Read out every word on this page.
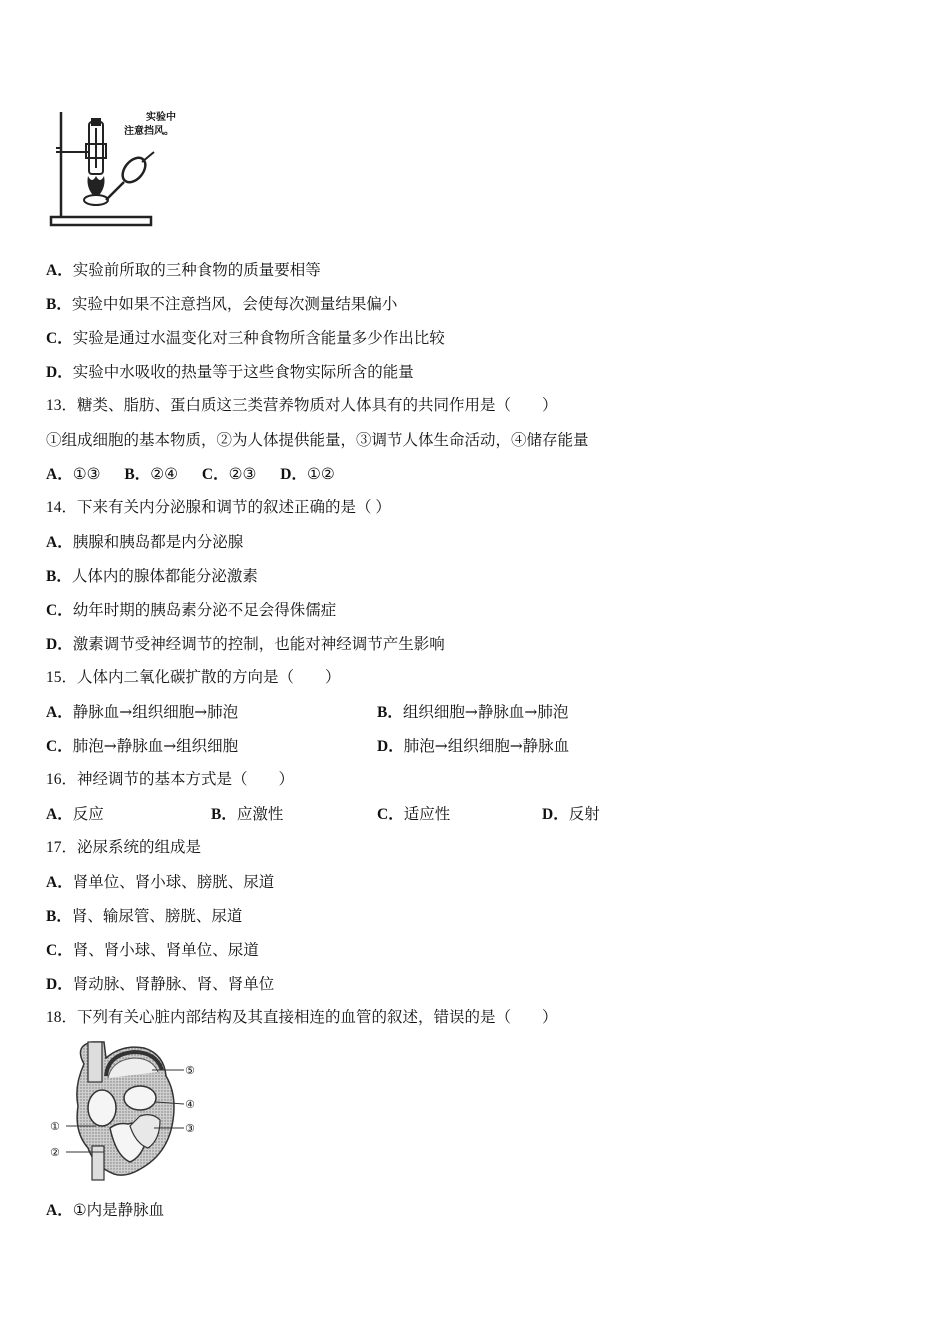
实验中
注意挡风。
A．实验前所取的三种食物的质量要相等
B．实验中如果不注意挡风，会使每次测量结果偏小
C．实验是通过水温变化对三种食物所含能量多少作出比较
D．实验中水吸收的热量等于这些食物实际所含的能量
13．糖类、脂肪、蛋白质这三类营养物质对人体具有的共同作用是（　　）
①组成细胞的基本物质，②为人体提供能量，③调节人体生命活动，④储存能量
A．①③ B．②④ C．②③ D．①②
14．下来有关内分泌腺和调节的叙述正确的是（ ）
A．胰腺和胰岛都是内分泌腺
B．人体内的腺体都能分泌激素
C．幼年时期的胰岛素分泌不足会得侏儒症
D．激素调节受神经调节的控制，也能对神经调节产生影响
15．人体内二氧化碳扩散的方向是（　　）
A．静脉血→组织细胞→肺泡	B．组织细胞→静脉血→肺泡
C．肺泡→静脉血→组织细胞	D．肺泡→组织细胞→静脉血
16．神经调节的基本方式是（　　）
A．反应	B．应激性	C．适应性	D．反射
17．泌尿系统的组成是
A．肾单位、肾小球、膀胱、尿道
B．肾、输尿管、膀胱、尿道
C．肾、肾小球、肾单位、尿道
D．肾动脉、肾静脉、肾、肾单位
18．下列有关心脏内部结构及其直接相连的血管的叙述，错误的是（　　）
⑤
④
③
①
②
A．①内是静脉血
